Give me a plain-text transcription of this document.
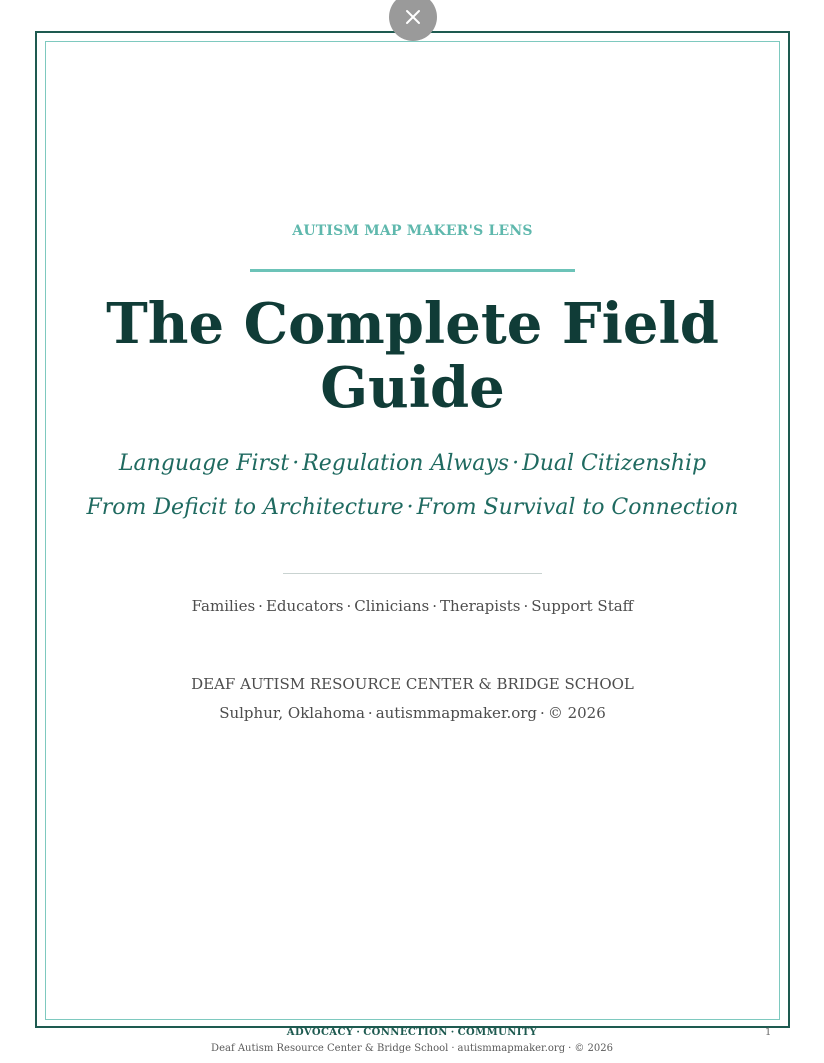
AUTISM MAP MAKER'S LENS
The Complete Field
Guide
Language First · Regulation Always · Dual Citizenship
From Deficit to Architecture · From Survival to Connection
Families · Educators · Clinicians · Therapists · Support Staff
DEAF AUTISM RESOURCE CENTER & BRIDGE SCHOOL
Sulphur, Oklahoma · autismmapmaker.org · © 2026
ADVOCACY · CONNECTION · COMMUNITY	1
Deaf Autism Resource Center & Bridge School · autismmapmaker.org · © 2026
